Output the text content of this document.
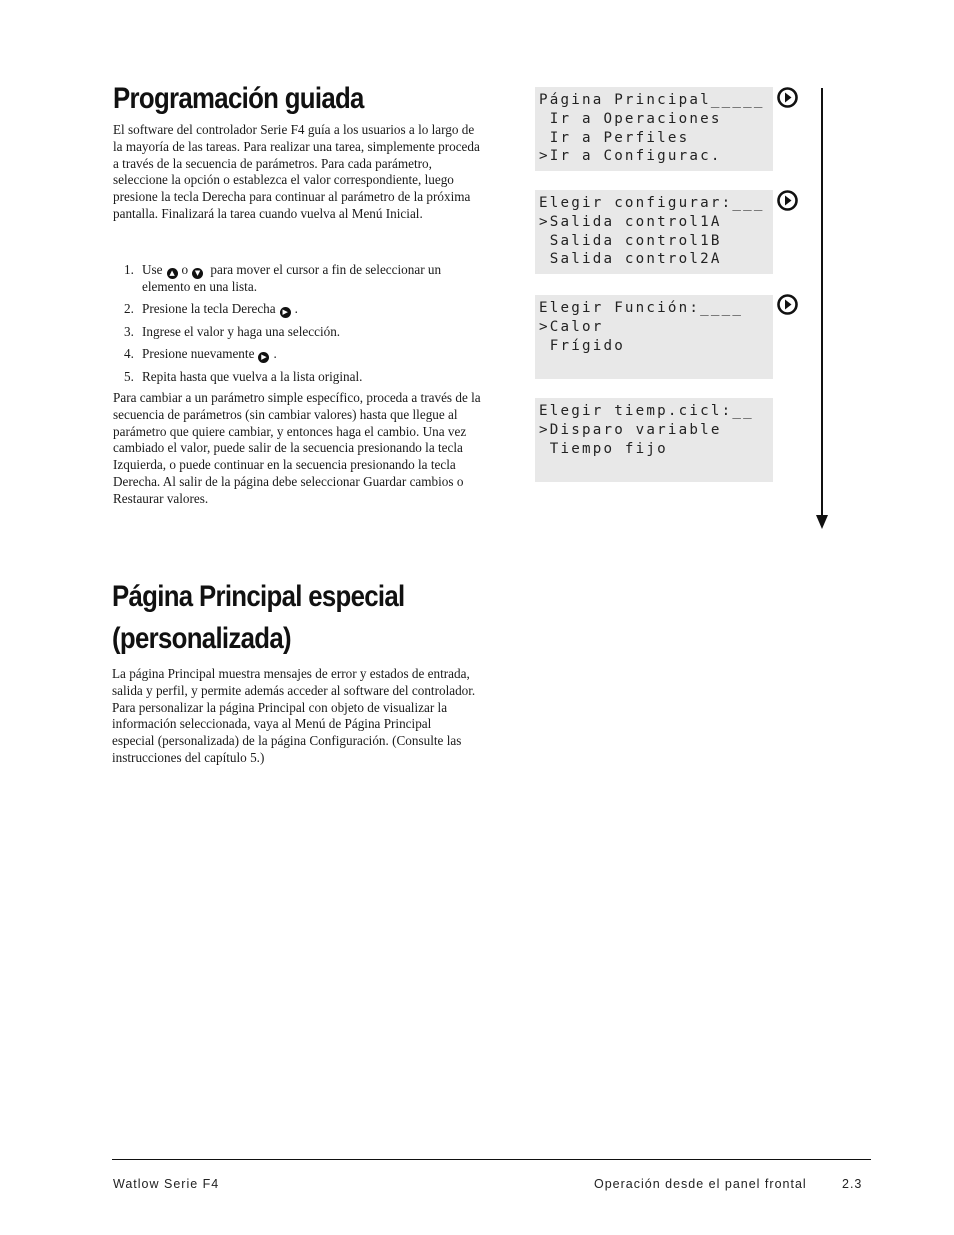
Programación guiada

El software del controlador Serie F4 guía a los usuarios a lo largo de la mayoría de las tareas. Para realizar una tarea, simplemente proceda a través de la secuencia de parámetros. Para cada parámetro, seleccione la opción o establezca el valor correspondiente, luego presione la tecla Derecha para continuar al parámetro de la próxima pantalla. Finalizará la tarea cuando vuelva al Menú Inicial.

1. Use ▲ o ▼ para mover el cursor a fin de seleccionar un elemento en una lista.
2. Presione la tecla Derecha ▶ .
3. Ingrese el valor y haga una selección.
4. Presione nuevamente ▶ .
5. Repita hasta que vuelva a la lista original.

Para cambiar a un parámetro simple específico, proceda a través de la secuencia de parámetros (sin cambiar valores) hasta que llegue al parámetro que quiere cambiar, y entonces haga el cambio. Una vez cambiado el valor, puede salir de la secuencia presionando la tecla Izquierda, o puede continuar en la secuencia presionando la tecla Derecha. Al salir de la página debe seleccionar Guardar cambios o Restaurar valores.

Página Principal especial
(personalizada)

La página Principal muestra mensajes de error y estados de entrada, salida y perfil, y permite además acceder al software del controlador. Para personalizar la página Principal con objeto de visualizar la información seleccionada, vaya al Menú de Página Principal especial (personalizada) de la página Configuración. (Consulte las instrucciones del capítulo 5.)

Página Principal_____
Ir a Operaciones
Ir a Perfiles
>Ir a Configurac.
Elegir configurar:___
>Salida control1A
Salida control1B
Salida control2A
Elegir Función:____
>Calor
Frígido
Elegir tiemp.cicl:__
>Disparo variable
Tiempo fijo
Watlow Serie F4	Operación desde el panel frontal	2.3
